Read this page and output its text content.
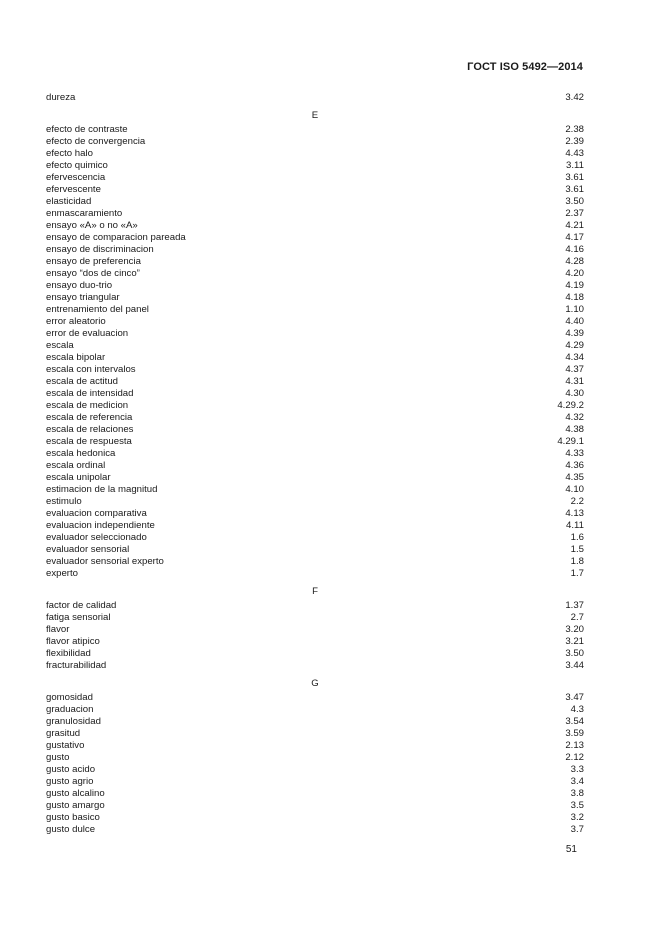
ГОСТ ISO 5492—2014
dureza	3.42
E
efecto de contraste	2.38
efecto de convergencia	2.39
efecto halo	4.43
efecto quimico	3.11
efervescencia	3.61
efervescente	3.61
elasticidad	3.50
enmascaramiento	2.37
ensayo «A» o no «A»	4.21
ensayo de comparacion pareada	4.17
ensayo de discriminacion	4.16
ensayo de preferencia	4.28
ensayo “dos de cinco”	4.20
ensayo duo-trio	4.19
ensayo triangular	4.18
entrenamiento del panel	1.10
error aleatorio	4.40
error de evaluacion	4.39
escala	4.29
escala bipolar	4.34
escala con intervalos	4.37
escala de actitud	4.31
escala de intensidad	4.30
escala de medicion	4.29.2
escala de referencia	4.32
escala de relaciones	4.38
escala de respuesta	4.29.1
escala hedonica	4.33
escala ordinal	4.36
escala unipolar	4.35
estimacion de la magnitud	4.10
estimulo	2.2
evaluacion comparativa	4.13
evaluacion independiente	4.11
evaluador seleccionado	1.6
evaluador sensorial	1.5
evaluador sensorial experto	1.8
experto	1.7
F
factor de calidad	1.37
fatiga sensorial	2.7
flavor	3.20
flavor atipico	3.21
flexibilidad	3.50
fracturabilidad	3.44
G
gomosidad	3.47
graduacion	4.3
granulosidad	3.54
grasitud	3.59
gustativo	2.13
gusto	2.12
gusto acido	3.3
gusto agrio	3.4
gusto alcalino	3.8
gusto amargo	3.5
gusto basico	3.2
gusto dulce	3.7
51
